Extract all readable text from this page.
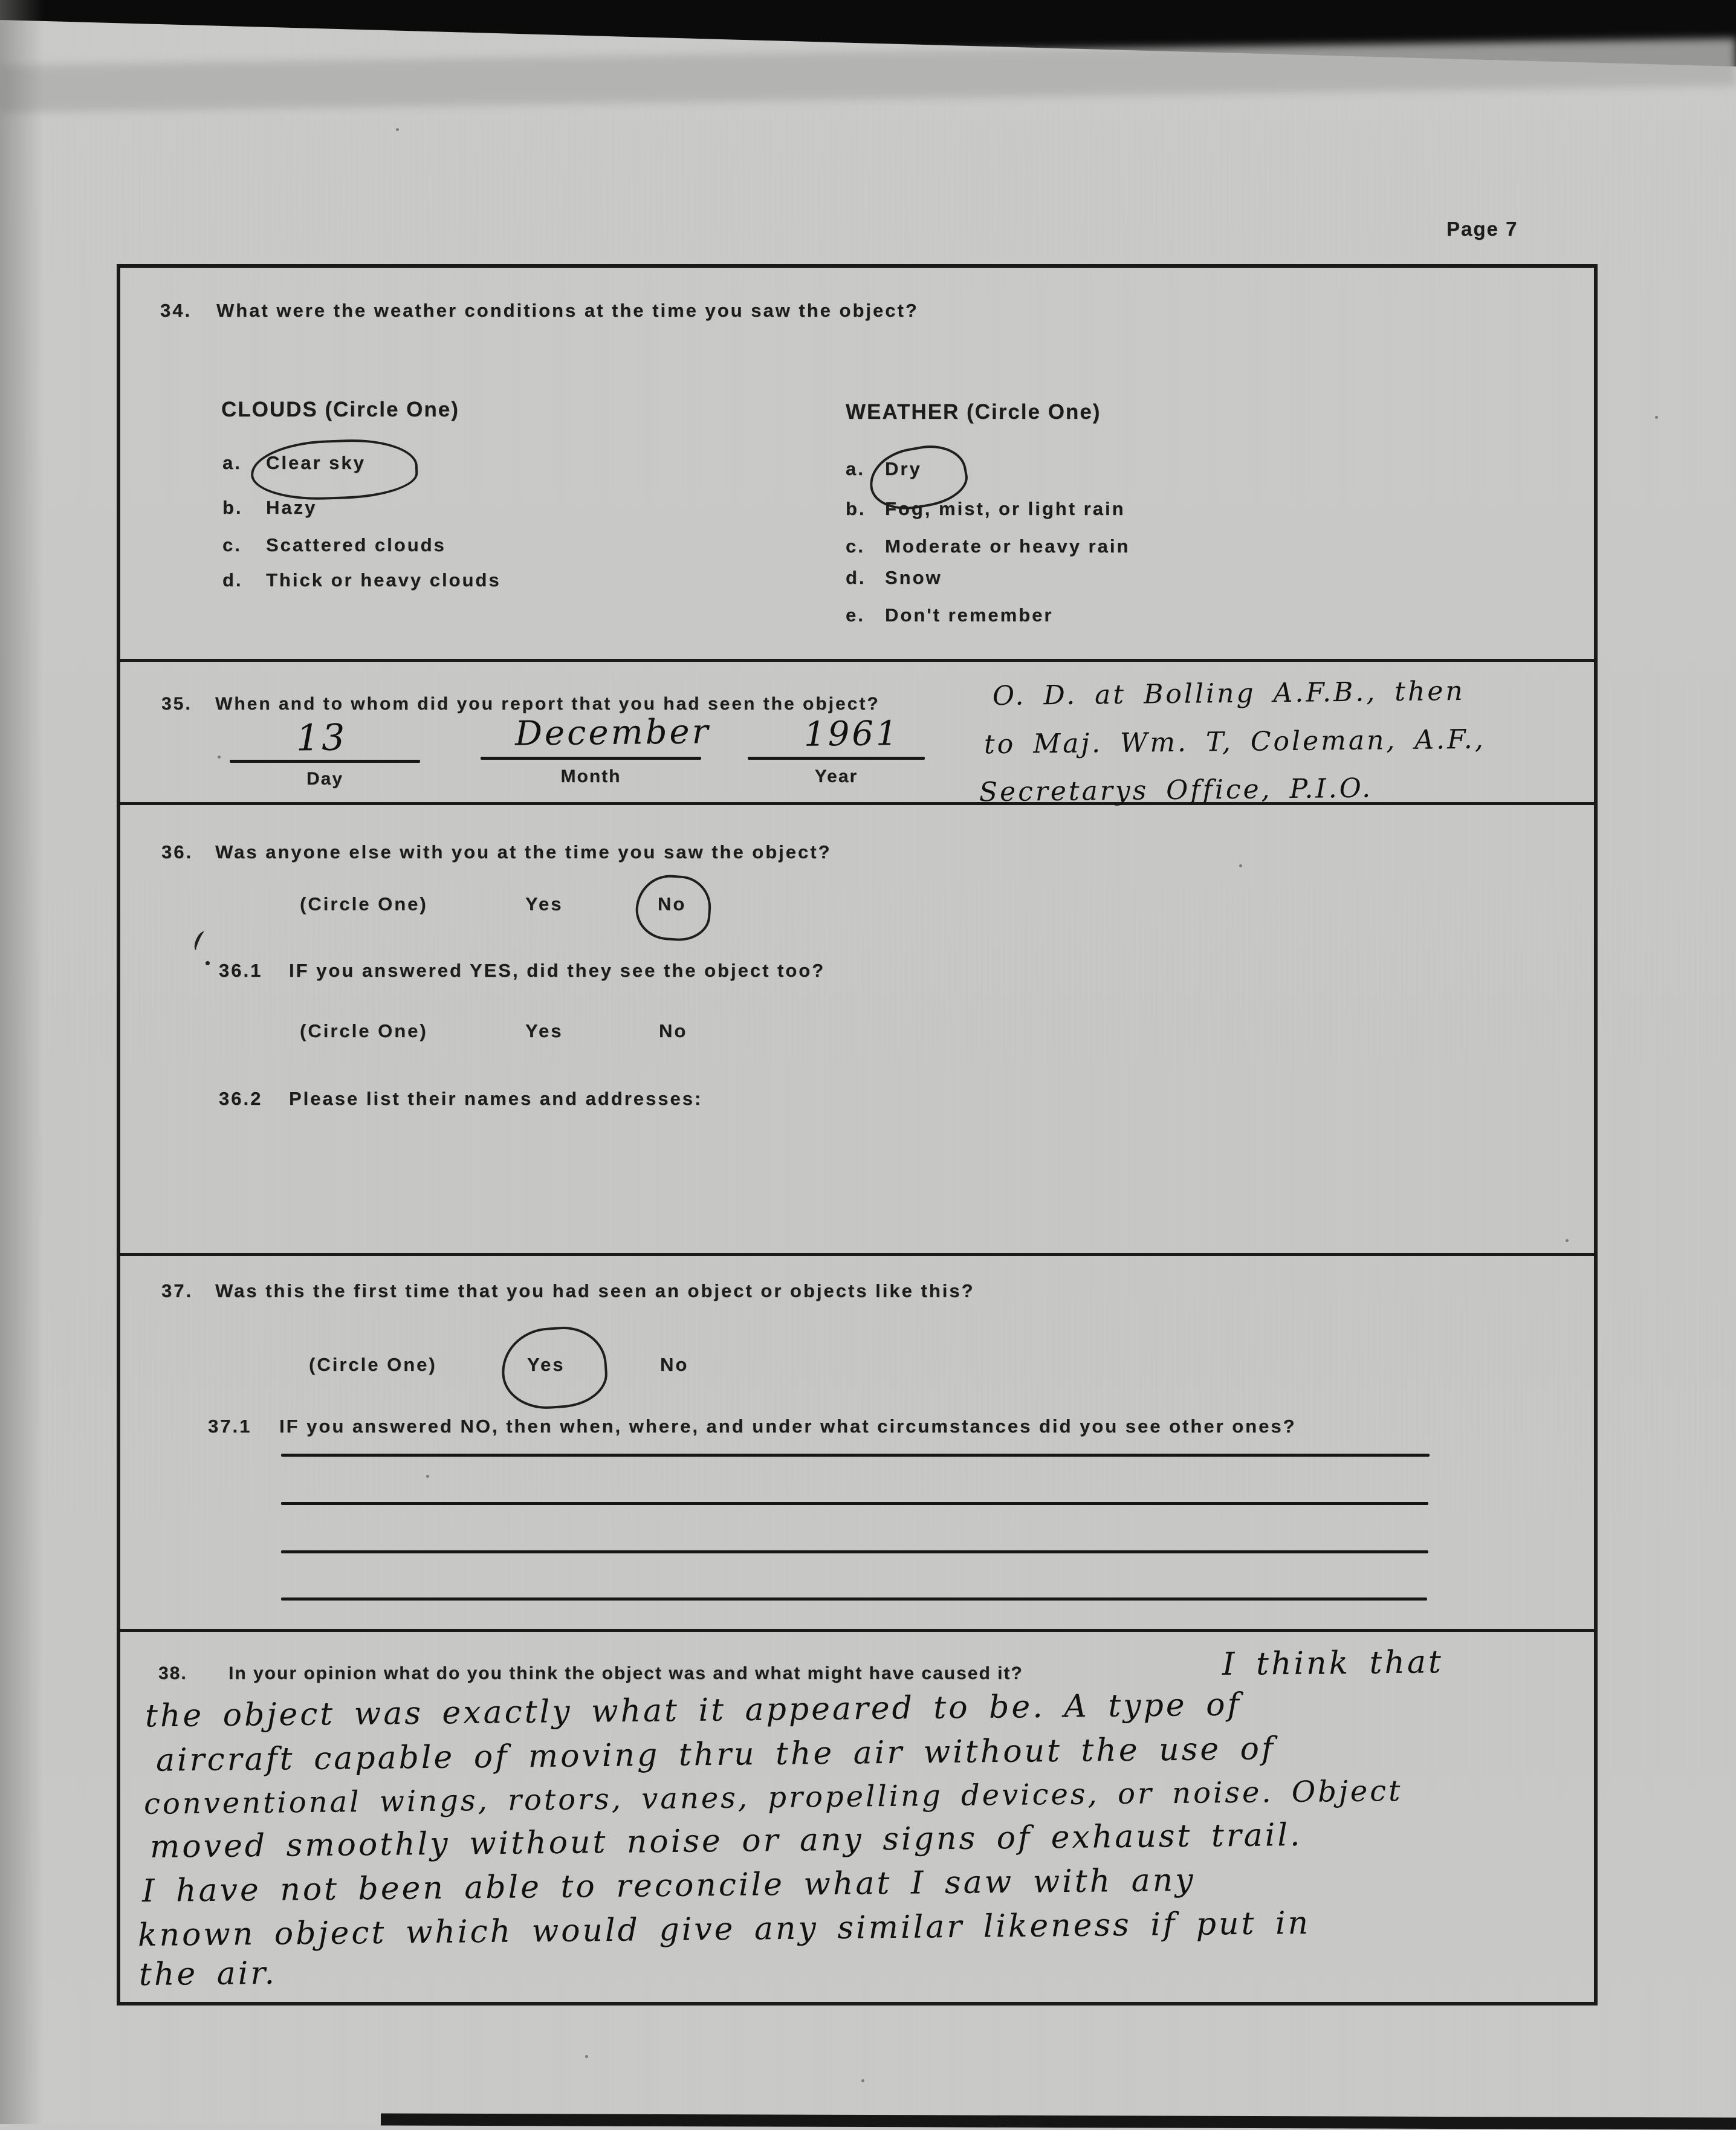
Page 7
34. What were the weather conditions at the time you saw the object?
CLOUDS (Circle One)	WEATHER (Circle One)
a. Clear sky
b. Hazy
c. Scattered clouds
d. Thick or heavy clouds
a. Dry
b. Fog, mist, or light rain
c. Moderate or heavy rain
d. Snow
e. Don't remember
35. When and to whom did you report that you had seen the object?	O. D. at Bolling A.F.B., then
to Maj. Wm. T, Coleman, A.F.,
Secretarys Office, P.I.O.
13	December	1961
Day	Month	Year
36. Was anyone else with you at the time you saw the object?
(Circle One)	Yes	No
36.1 IF you answered YES, did they see the object too?
(Circle One)	Yes	No
36.2 Please list their names and addresses:
37. Was this the first time that you had seen an object or objects like this?
(Circle One)	Yes	No
37.1 IF you answered NO, then when, where, and under what circumstances did you see other ones?
38. In your opinion what do you think the object was and what might have caused it?	I think that
the object was exactly what it appeared to be. A type of
aircraft capable of moving thru the air without the use of
conventional wings, rotors, vanes, propelling devices, or noise. Object
moved smoothly without noise or any signs of exhaust trail.
I have not been able to reconcile what I saw with any
known object which would give any similar likeness if put in
the air.
